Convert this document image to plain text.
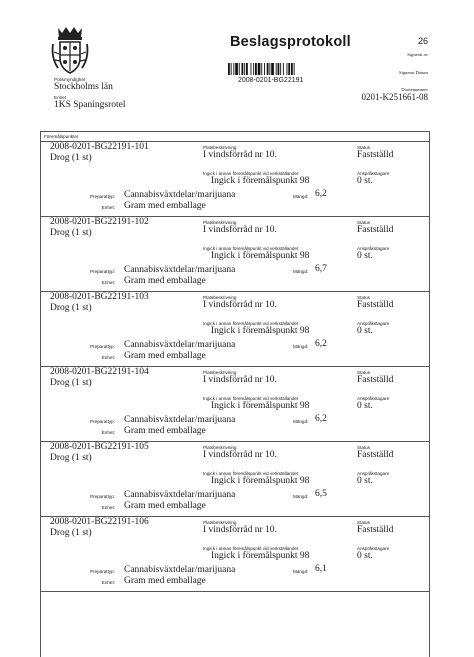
Beslagsprotokoll
2008-0201-BG22191
Polismyndighet
Stockholms län
Enhet
1KS Spaningsrotel
26
Signerat av
Signerat Datum
Diarienummer
0201-K251661-08
Föremålspunkter
2008-0201-BG22191-101
Drog (1 st)
Platsbeskrivning
I vindsförråd nr 10.
Ingick i annan föremålspunkt vid verkställandet
Ingick i föremålspunkt 98
Status
Fastställd
Anspråkstagare
0 st.
Preparattyp: Cannabisväxtdelar/marijuana	Mängd: 6,2
Enhet: Gram med emballage
2008-0201-BG22191-102
Drog (1 st)
Platsbeskrivning
I vindsförråd nr 10.
Ingick i annan föremålspunkt vid verkställandet
Ingick i föremålspunkt 98
Status
Fastställd
Anspråkstagare
0 st.
Preparattyp: Cannabisväxtdelar/marijuana	Mängd: 6,7
Enhet: Gram med emballage
2008-0201-BG22191-103
Drog (1 st)
Platsbeskrivning
I vindsförråd nr 10.
Ingick i annan föremålspunkt vid verkställandet
Ingick i föremålspunkt 98
Status
Fastställd
Anspråkstagare
0 st.
Preparattyp: Cannabisväxtdelar/marijuana	Mängd: 6,2
Enhet: Gram med emballage
2008-0201-BG22191-104
Drog (1 st)
Platsbeskrivning
I vindsförråd nr 10.
Ingick i annan föremålspunkt vid verkställandet
Ingick i föremålspunkt 98
Status
Fastställd
Anspråkstagare
0 st.
Preparattyp: Cannabisväxtdelar/marijuana	Mängd: 6,2
Enhet: Gram med emballage
2008-0201-BG22191-105
Drog (1 st)
Platsbeskrivning
I vindsförråd nr 10.
Ingick i annan föremålspunkt vid verkställandet
Ingick i föremålspunkt 98
Status
Fastställd
Anspråkstagare
0 st.
Preparattyp: Cannabisväxtdelar/marijuana	Mängd: 6,5
Enhet: Gram med emballage
2008-0201-BG22191-106
Drog (1 st)
Platsbeskrivning
I vindsförråd nr 10.
Ingick i annan föremålspunkt vid verkställandet
Ingick i föremålspunkt 98
Status
Fastställd
Anspråkstagare
0 st.
Preparattyp: Cannabisväxtdelar/marijuana	Mängd: 6,1
Enhet: Gram med emballage
